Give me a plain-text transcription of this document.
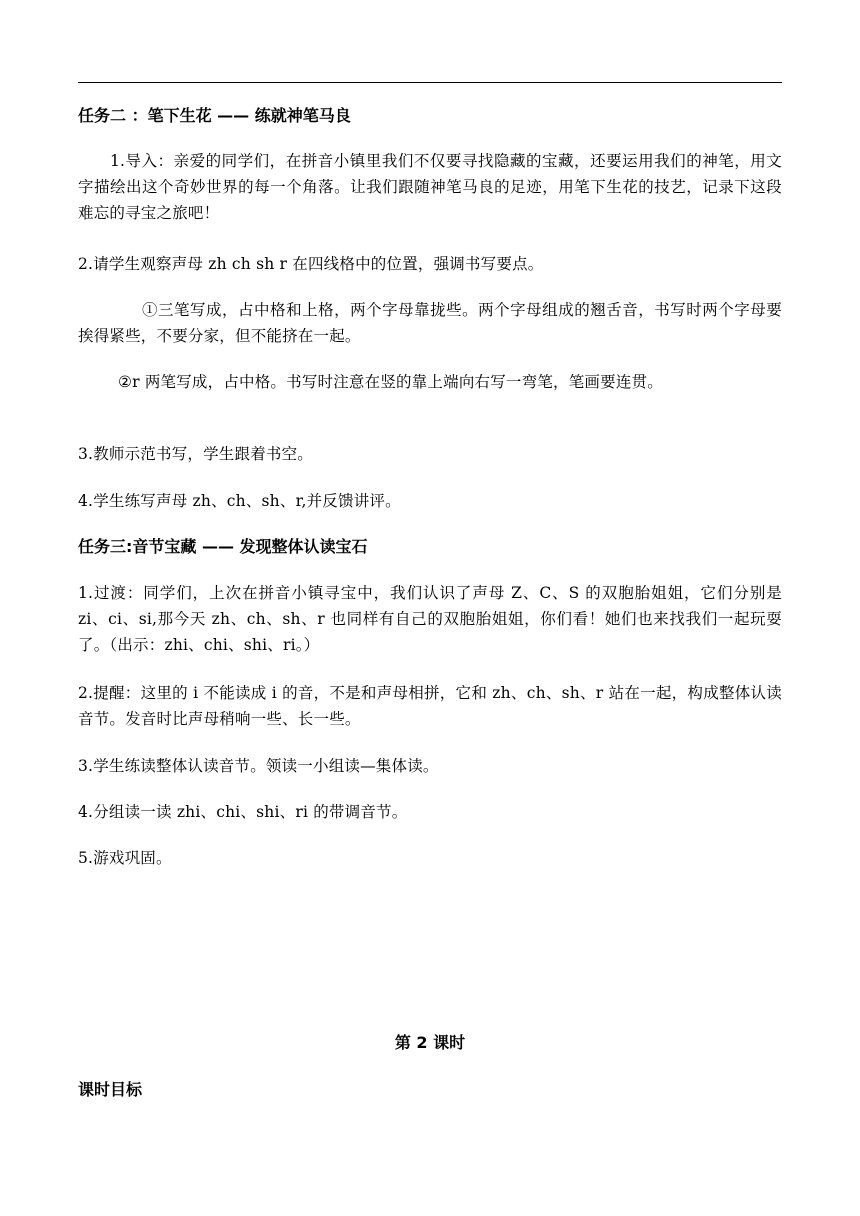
任务二 ：笔下生花 —— 练就神笔马良
1.导入：亲爱的同学们，在拼音小镇里我们不仅要寻找隐藏的宝藏，还要运用我们的神笔，用文字描绘出这个奇妙世界的每一个角落。让我们跟随神笔马良的足迹，用笔下生花的技艺，记录下这段难忘的寻宝之旅吧！
2.请学生观察声母 zh ch sh r 在四线格中的位置，强调书写要点。
①三笔写成，占中格和上格，两个字母靠拢些。两个字母组成的翘舌音，书写时两个字母要挨得紧些，不要分家，但不能挤在一起。
②r 两笔写成，占中格。书写时注意在竖的靠上端向右写一弯笔，笔画要连贯。
3.教师示范书写，学生跟着书空。
4.学生练写声母 zh、ch、sh、r,并反馈讲评。
任务三:音节宝藏 —— 发现整体认读宝石
1.过渡：同学们，上次在拼音小镇寻宝中，我们认识了声母 Z、C、S 的双胞胎姐姐，它们分别是 zi、ci、si,那今天 zh、ch、sh、r 也同样有自己的双胞胎姐姐，你们看！她们也来找我们一起玩耍了。（出示：zhi、chi、shi、ri。）
2.提醒：这里的 i 不能读成 i 的音，不是和声母相拼，它和 zh、ch、sh、r 站在一起，构成整体认读音节。发音时比声母稍响一些、长一些。
3.学生练读整体认读音节。领读一小组读—集体读。
4.分组读一读 zhi、chi、shi、ri 的带调音节。
5.游戏巩固。
第 2 课时
课时目标
